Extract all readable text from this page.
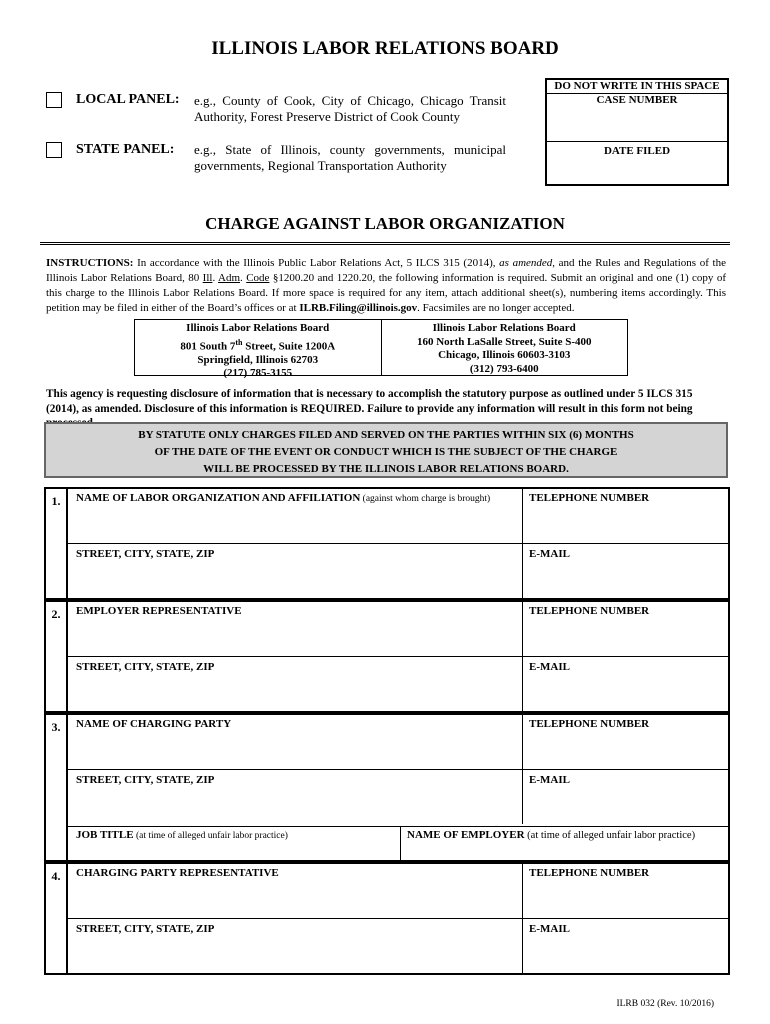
ILLINOIS LABOR RELATIONS BOARD
LOCAL PANEL: e.g., County of Cook, City of Chicago, Chicago Transit Authority, Forest Preserve District of Cook County
STATE PANEL: e.g., State of Illinois, county governments, municipal governments, Regional Transportation Authority
DO NOT WRITE IN THIS SPACE
CASE NUMBER
DATE FILED
CHARGE AGAINST LABOR ORGANIZATION
INSTRUCTIONS: In accordance with the Illinois Public Labor Relations Act, 5 ILCS 315 (2014), as amended, and the Rules and Regulations of the Illinois Labor Relations Board, 80 Ill. Adm. Code §1200.20 and 1220.20, the following information is required. Submit an original and one (1) copy of this charge to the Illinois Labor Relations Board. If more space is required for any item, attach additional sheet(s), numbering items accordingly. This petition may be filed in either of the Board’s offices or at ILRB.Filing@illinois.gov. Facsimiles are no longer accepted.
Illinois Labor Relations Board
801 South 7th Street, Suite 1200A
Springfield, Illinois 62703
(217) 785-3155
Illinois Labor Relations Board
160 North LaSalle Street, Suite S-400
Chicago, Illinois 60603-3103
(312) 793-6400
This agency is requesting disclosure of information that is necessary to accomplish the statutory purpose as outlined under 5 ILCS 315 (2014), as amended. Disclosure of this information is REQUIRED. Failure to provide any information will result in this form not being
BY STATUTE ONLY CHARGES FILED AND SERVED ON THE PARTIES WITHIN SIX (6) MONTHS
OF THE DATE OF THE EVENT OR CONDUCT WHICH IS THE SUBJECT OF THE CHARGE
WILL BE PROCESSED BY THE ILLINOIS LABOR RELATIONS BOARD.
1.	NAME OF LABOR ORGANIZATION AND AFFILIATION (against whom charge is brought)	TELEPHONE NUMBER
STREET, CITY, STATE, ZIP	E-MAIL
2.	EMPLOYER REPRESENTATIVE	TELEPHONE NUMBER
STREET, CITY, STATE, ZIP	E-MAIL
3.	NAME OF CHARGING PARTY	TELEPHONE NUMBER
STREET, CITY, STATE, ZIP	E-MAIL
JOB TITLE (at time of alleged unfair labor practice)	NAME OF EMPLOYER (at time of alleged unfair labor practice)
4.	CHARGING PARTY REPRESENTATIVE	TELEPHONE NUMBER
STREET, CITY, STATE, ZIP	E-MAIL
ILRB 032 (Rev. 10/2016)
